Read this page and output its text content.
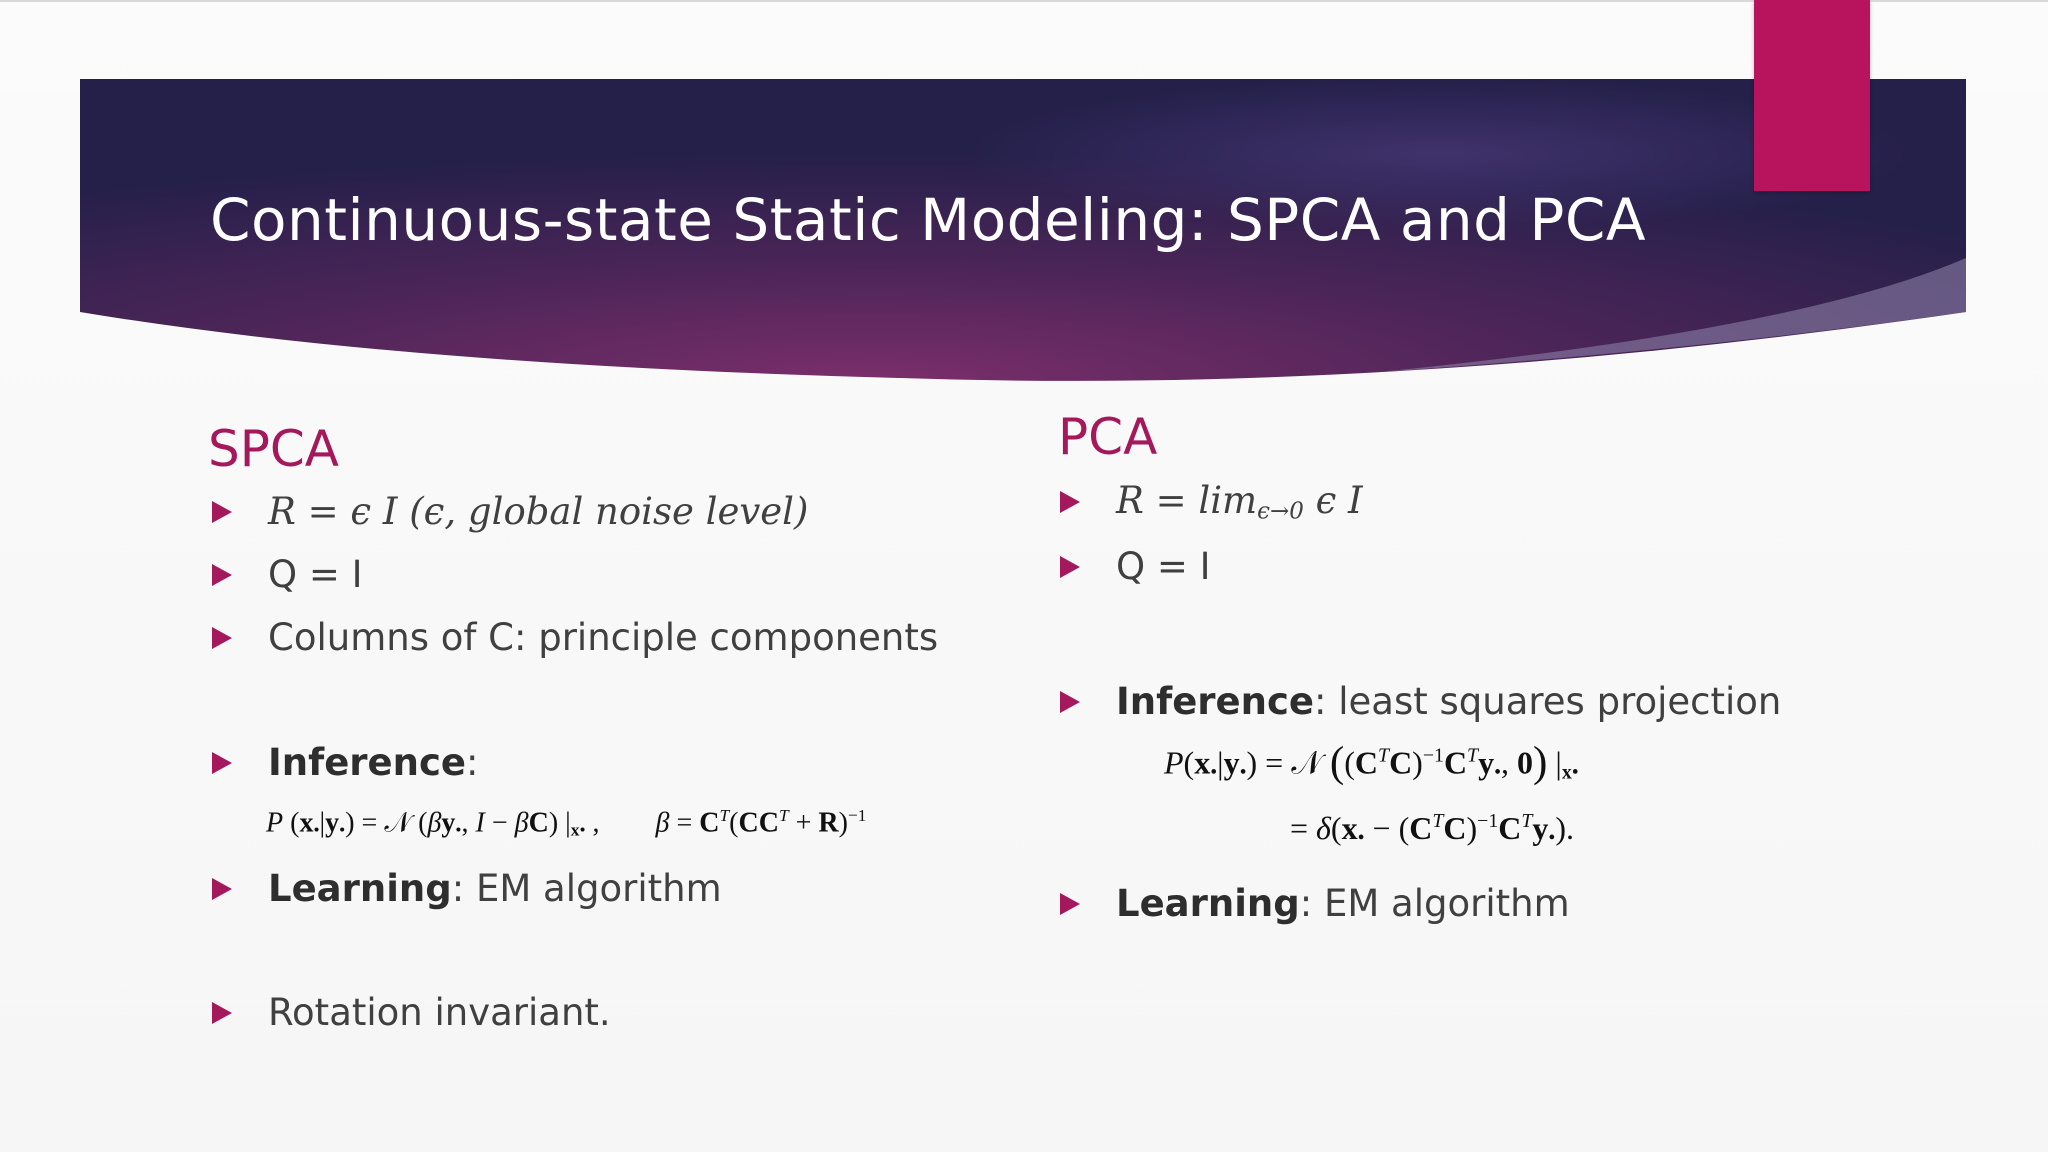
Continuous-state Static Modeling: SPCA and PCA
SPCA
R = ϵ I (ϵ, global noise level)
Q = I
Columns of C: principle components
Inference :
P $(x_•|y_•)$ = 𝒩 ($\beta y_•$, I − βC) $|_{x•}$ ,        $\beta = C^T(CC^T + R)^{-1}$
Learning : EM algorithm
Rotation invariant.
PCA
$R = \lim_{\epsilon\to 0} \epsilon$ I
Q = I
Inference : least squares projection
$P(x_•|y_•)$ = 𝒩 ($(C^TC)^{-1}C^Ty_•$, 0) $|_{x•}$
= $\delta(x_• - (C^TC)^{-1}C^Ty_•)$.
Learning : EM algorithm
